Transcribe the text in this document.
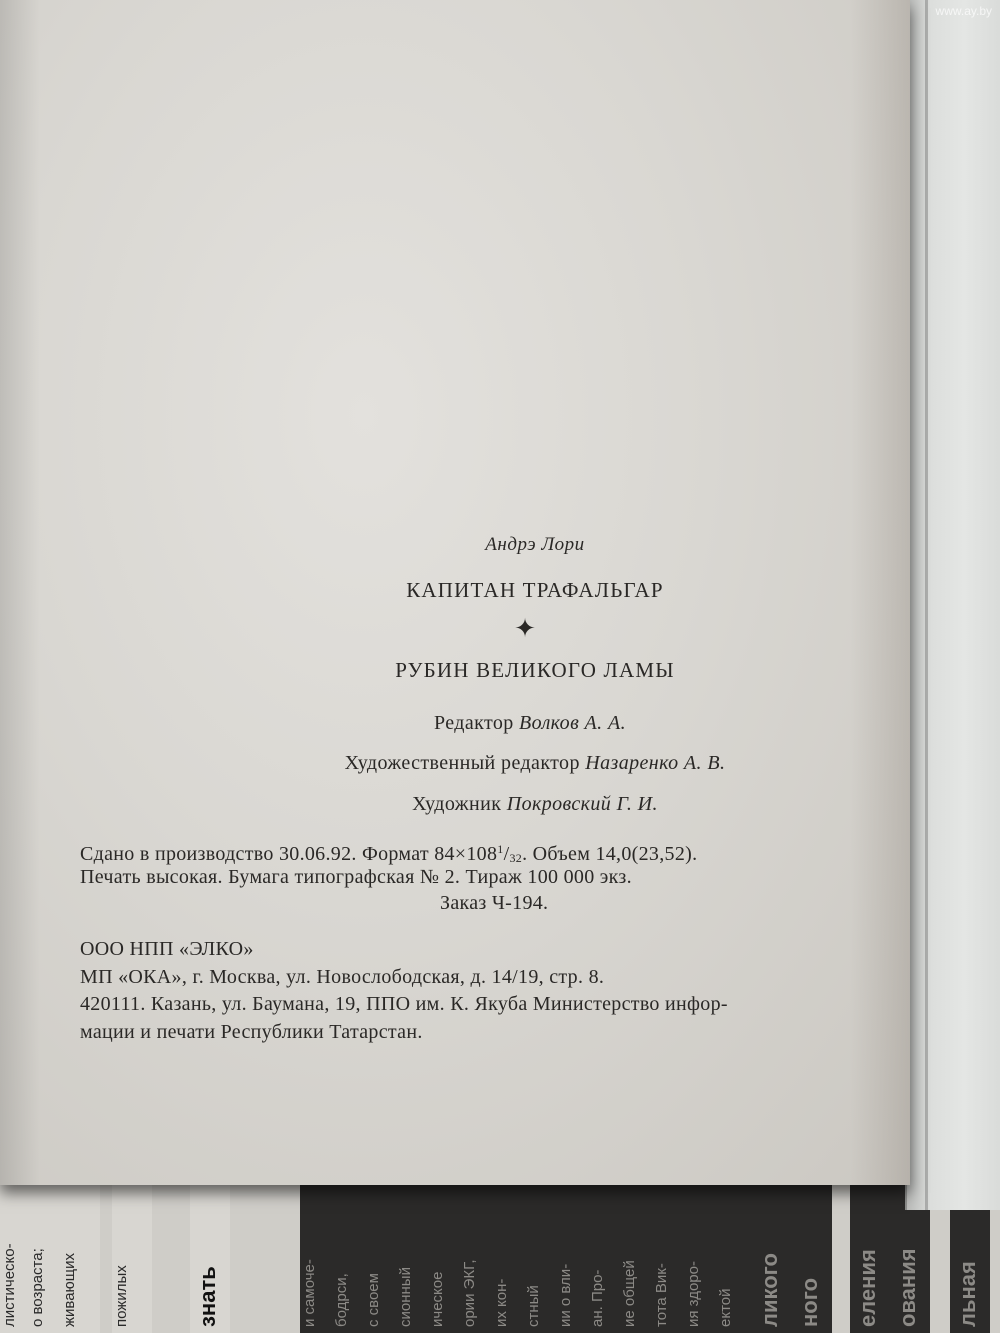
листическо- о возраста;	живающих	пожилых	знать	и самоче-	бодрси,	с своем	сионный	ическое	ории ЭКГ,	их кон-	стный	ии о вли-	ан. Про-	ие общей	тота Вик-	ия здоро-	ектой	ликого ного	еления ования	льная
Андрэ Лори
КАПИТАН ТРАФАЛЬГАР
✦
РУБИН ВЕЛИКОГО ЛАМЫ
Редактор Волков А. А.
Художественный редактор Назаренко А. В.
Художник Покровский Г. И.
Сдано в производство 30.06.92. Формат $84\times 108^1/_{32}$. Объем 14,0(23,52).
Печать высокая. Бумага типографская № 2. Тираж 100 000 экз.
Заказ Ч-194.
ООО НПП «ЭЛКО»
МП «ОКА», г. Москва, ул. Новослободская, д. 14/19, стр. 8.
420111. Казань, ул. Баумана, 19, ППО им. К. Якуба Министерство инфор-
мации и печати Республики Татарстан.
www.ay.by
